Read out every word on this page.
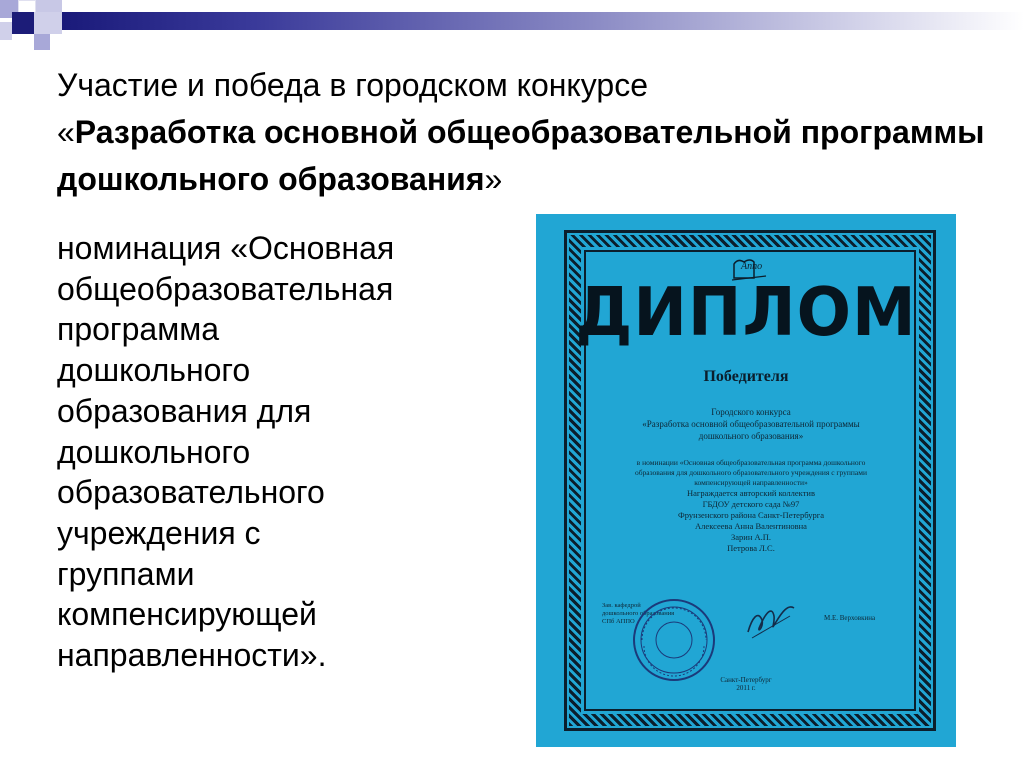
Участие и победа в городском конкурсе
«Разработка основной общеобразовательной программы дошкольного образования»
номинация «Основная
общеобразовательная
программа
дошкольного
образования для
дошкольного
образовательного
учреждения с
группами
компенсирующей
направленности».
Аппо
ДИПЛОМ
Победителя
Городского конкурса
«Разработка основной общеобразовательной программы
дошкольного образования»
в номинации «Основная общеобразовательная программа дошкольного
образования для дошкольного образовательного учреждения с группами
компенсирующей направленности»
Награждается авторский коллектив
ГБДОУ детского сада №97
Фрунзенского района Санкт-Петербурга
Алексеева Анна Валентиновна
Зарин А.П.
Петрова Л.С.
Зав. кафедрой
дошкольного образования
СПб АППО	М.Е. Верховкина
Санкт-Петербург
2011 г.
